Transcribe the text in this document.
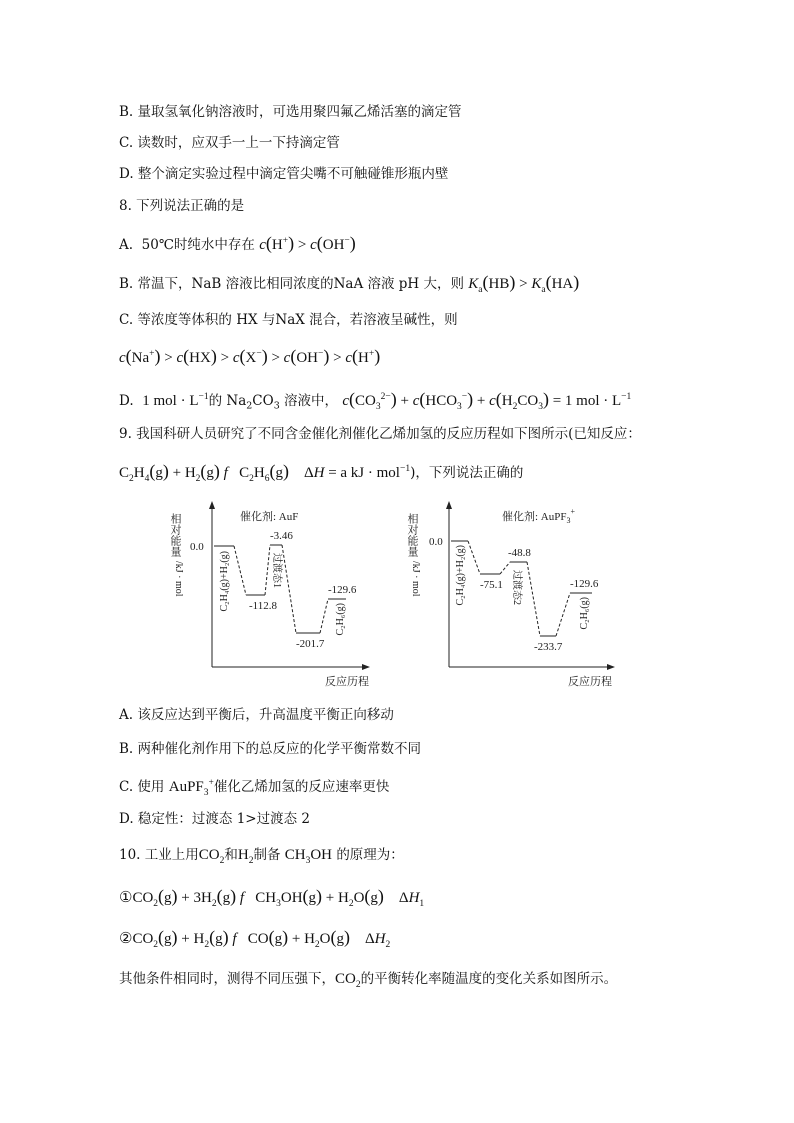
B. 量取氢氧化钠溶液时，可选用聚四氟乙烯活塞的滴定管
C. 读数时，应双手一上一下持滴定管
D. 整个滴定实验过程中滴定管尖嘴不可触碰锥形瓶内壁
8. 下列说法正确的是
A. 50℃时纯水中存在 c(H+) > c(OH−)
B. 常温下，NaB 溶液比相同浓度的NaA 溶液 pH 大，则 $K_a(HB) > K_a(HA)$
C. 等浓度等体积的 HX 与NaX 混合，若溶液呈碱性，则
c(Na+) > c(HX) > c(X−) > c(OH−) > c(H+)
D. 1 mol · $L^{-1}$的 $Na_2CO_3$ 溶液中， $c(CO_3^{2-}) + c(HCO_3^-) + c(H_2CO_3) = 1$ mol · $L^{-1}$
9. 我国科研人员研究了不同含金催化剂催化乙烯加氢的反应历程如下图所示(已知反应：
$C_2H_4(g) + H_2(g)$ f   $C_2H_6(g)$    ΔH = a kJ · mol$^{-1}$)，下列说法正确的
相对能量
/kJ · mol
催化剂: AuF
0.0
-112.8
-3.46
-201.7
-129.6
过渡态1
C₂H₄(g)+H₂(g)
C₂H₆(g)
反应历程
相对能量
/kJ · mol
催化剂: AuPF$_3$+
0.0
-75.1
-48.8
-233.7
-129.6
过渡态2
C₂H₄(g)+H₂(g)
C₂H₆(g)
反应历程
A. 该反应达到平衡后，升高温度平衡正向移动
B. 两种催化剂作用下的总反应的化学平衡常数不同
C. 使用 AuPF$_3$+催化乙烯加氢的反应速率更快
D. 稳定性：过渡态 1>过渡态 2
10. 工业上用$CO_2$和$H_2$制备 $CH_3OH$ 的原理为：
$①CO_2(g) + 3H_2(g)$ f   $CH_3OH(g) + H_2O(g)$    $\Delta H_1$
$②CO_2(g) + H_2(g)$ f   $CO(g) + H_2O(g)$    $\Delta H_2$
其他条件相同时，测得不同压强下，$CO_2$的平衡转化率随温度的变化关系如图所示。
